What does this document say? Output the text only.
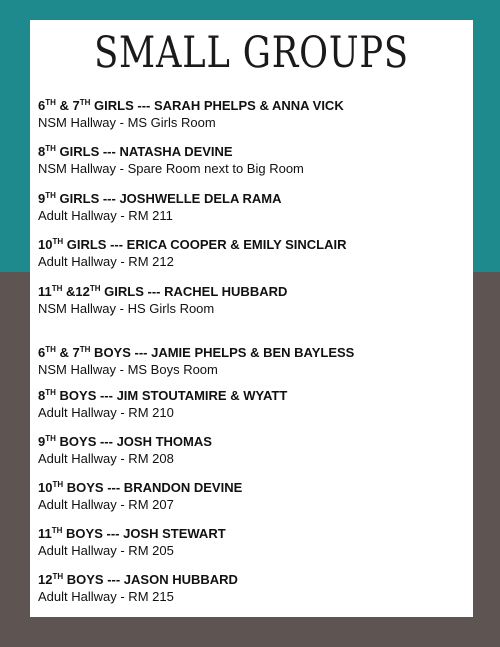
SMALL GROUPS
6TH & 7TH GIRLS --- SARAH PHELPS & ANNA VICK
NSM Hallway - MS Girls Room
8TH GIRLS --- NATASHA DEVINE
NSM Hallway - Spare Room next to Big Room
9TH GIRLS --- JOSHWELLE DELA RAMA
Adult Hallway - RM 211
10TH GIRLS --- ERICA COOPER & EMILY SINCLAIR
Adult Hallway - RM 212
11TH &12TH GIRLS --- RACHEL HUBBARD
NSM Hallway - HS Girls Room
6TH & 7TH BOYS --- JAMIE PHELPS & BEN BAYLESS
NSM Hallway - MS Boys Room
8TH BOYS --- JIM STOUTAMIRE & WYATT
Adult Hallway - RM 210
9TH BOYS --- JOSH THOMAS
Adult Hallway - RM 208
10TH BOYS --- BRANDON DEVINE
Adult Hallway - RM 207
11TH BOYS --- JOSH STEWART
Adult Hallway - RM 205
12TH BOYS --- JASON HUBBARD
Adult Hallway - RM 215
